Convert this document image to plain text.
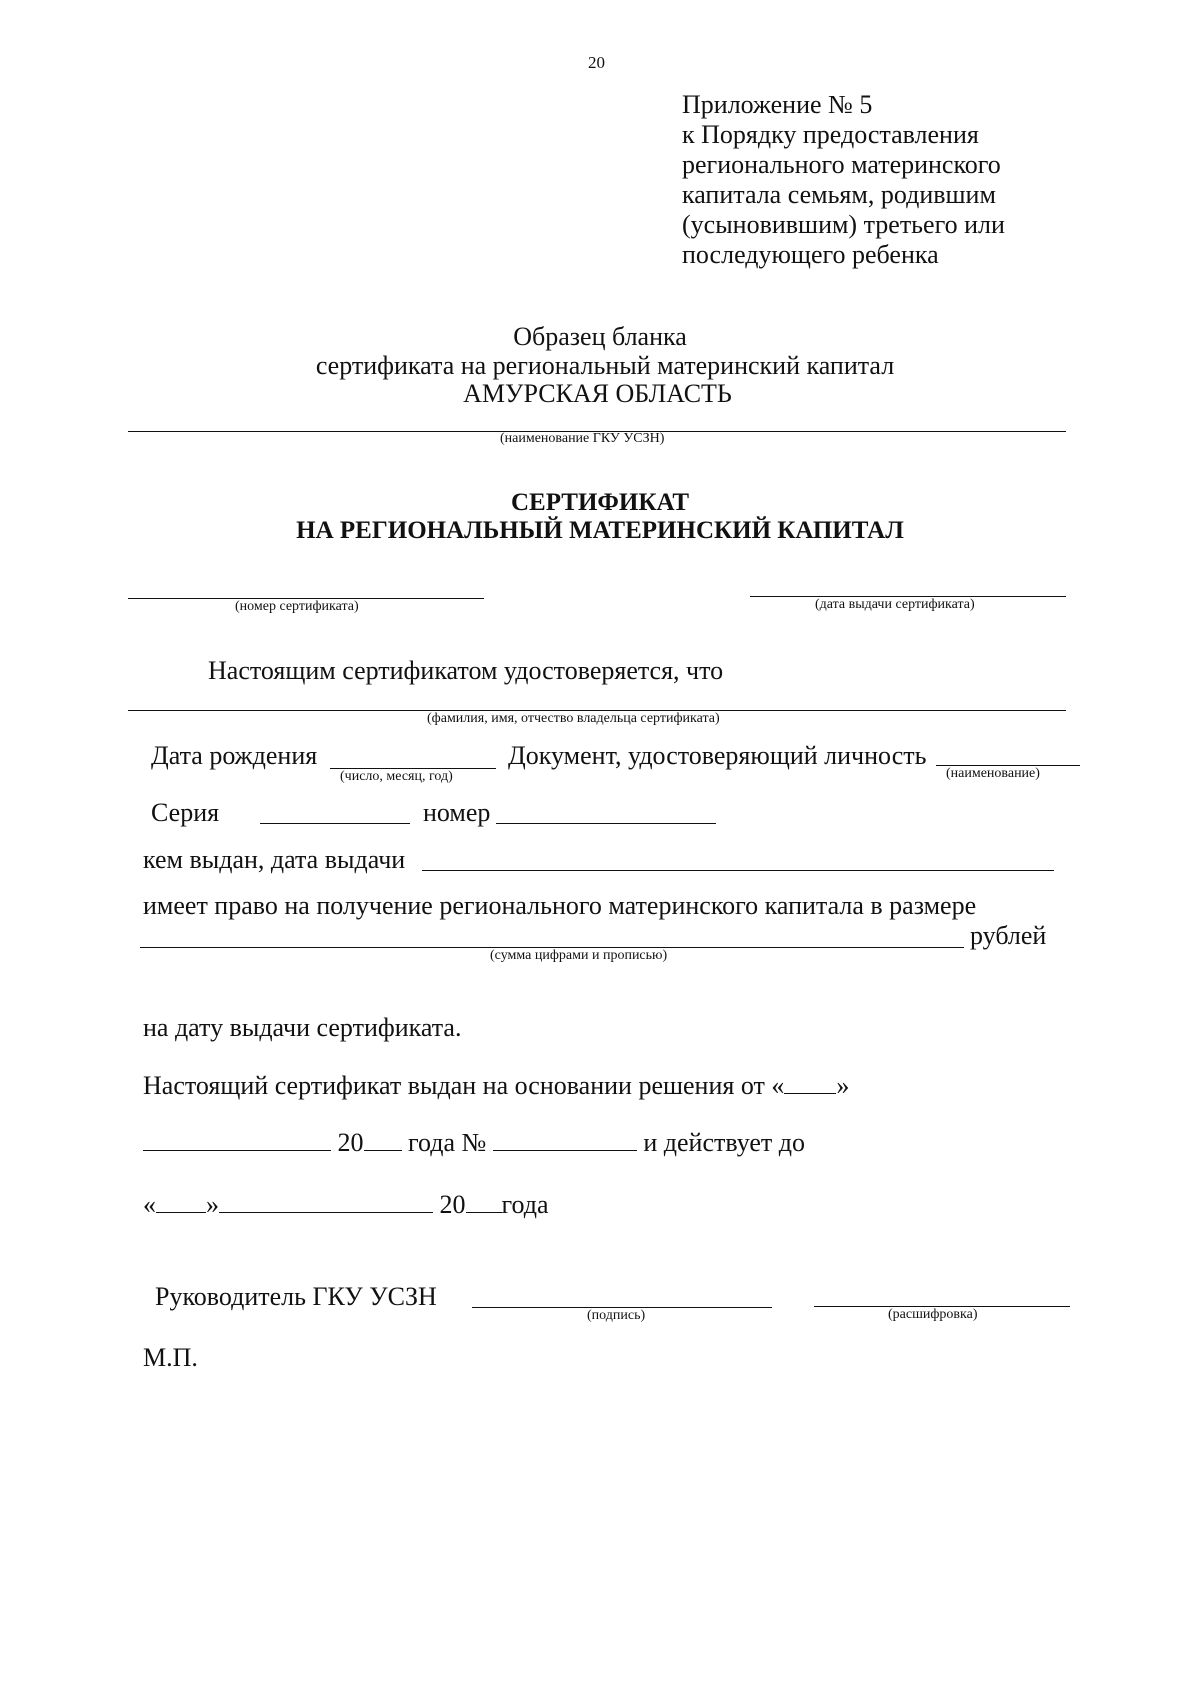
20
Приложение № 5
к Порядку предоставления
регионального материнского
капитала семьям, родившим
(усыновившим) третьего или
последующего ребенка
Образец бланка
сертификата на региональный материнский капитал
АМУРСКАЯ ОБЛАСТЬ
(наименование ГКУ УСЗН)
СЕРТИФИКАТ
НА РЕГИОНАЛЬНЫЙ МАТЕРИНСКИЙ КАПИТАЛ
(номер сертификата)	(дата выдачи сертификата)
Настоящим сертификатом удостоверяется, что
(фамилия, имя, отчество владельца сертификата)
Дата рождения
(число, месяц, год)
Документ, удостоверяющий личность
(наименование)
Серия	номер
кем выдан, дата выдачи
имеет право на получение регионального материнского капитала в размере
рублей
(сумма цифрами и прописью)
на дату выдачи сертификата.
Настоящий сертификат выдан на основании решения от « »
20 года №	и действует до
« »	20 года
Руководитель ГКУ УСЗН
(подпись)	(расшифровка)
М.П.
